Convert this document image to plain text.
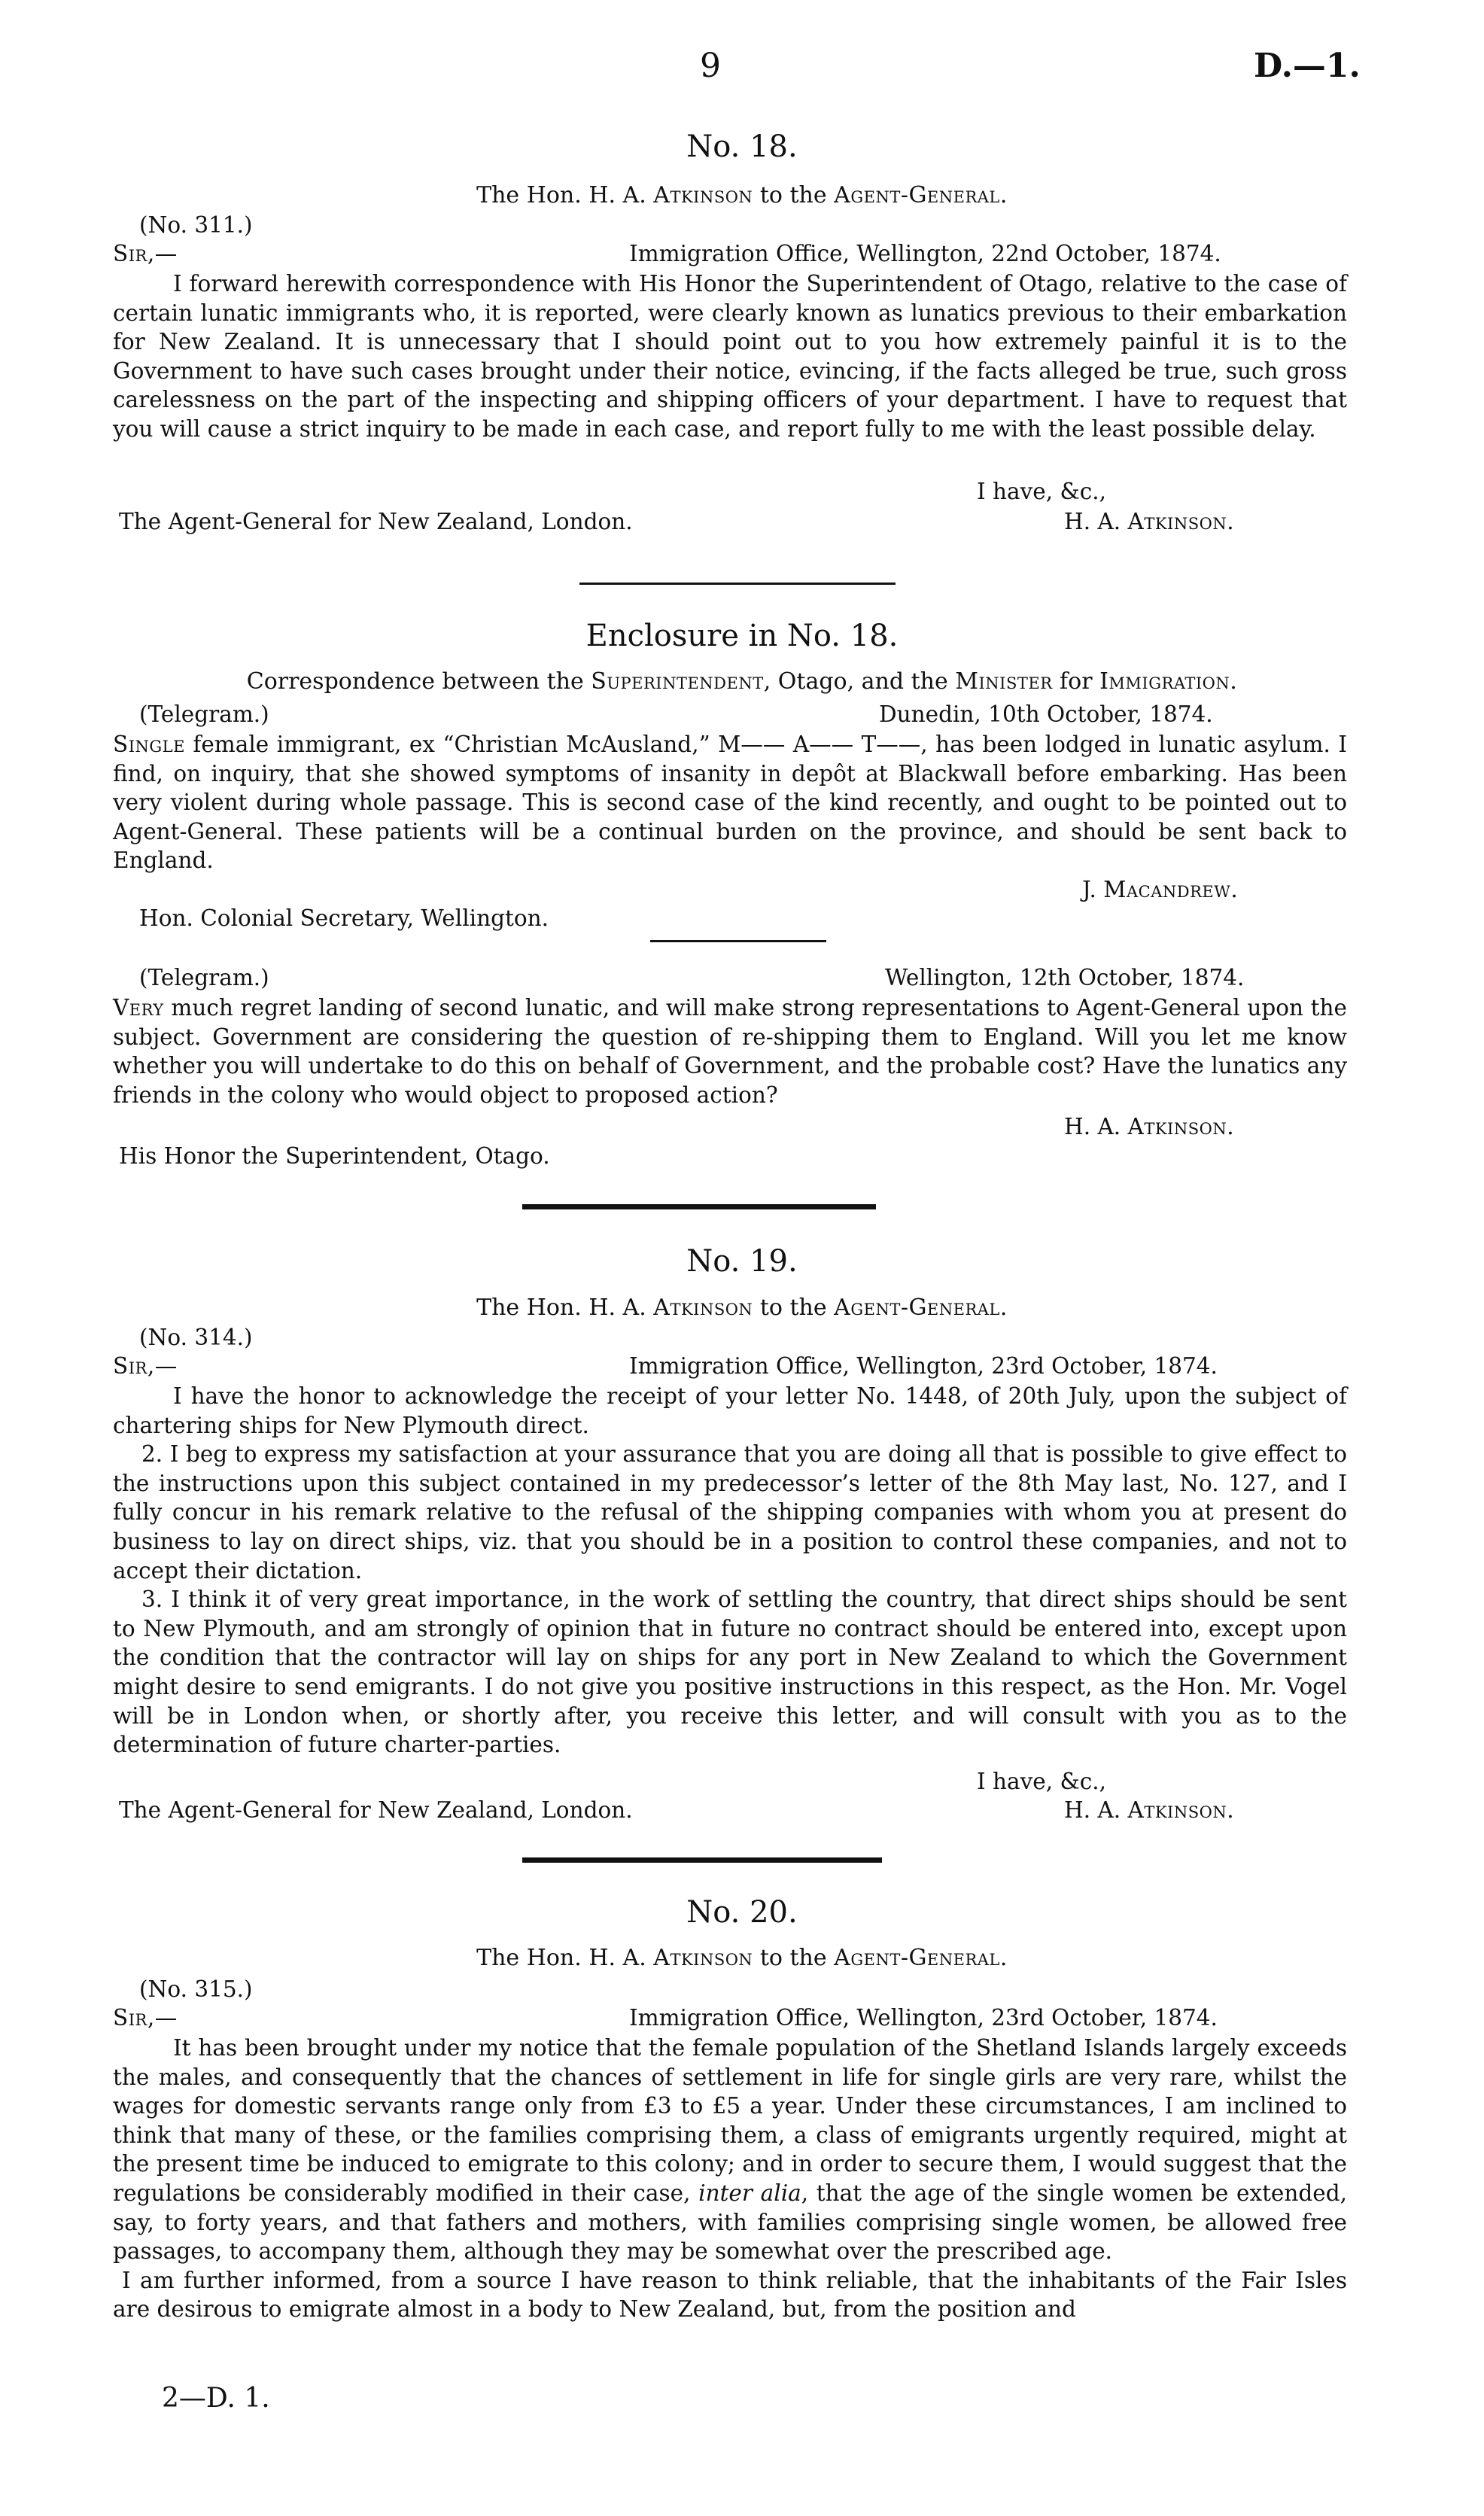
9	D.—1.
No. 18.
The Hon. H. A. Atkinson to the Agent-General.
(No. 311.)
Sir,—	Immigration Office, Wellington, 22nd October, 1874.

I forward herewith correspondence with His Honor the Superintendent of Otago, relative to the case of certain lunatic immigrants who, it is reported, were clearly known as lunatics previous to their embarkation for New Zealand. It is unnecessary that I should point out to you how extremely painful it is to the Government to have such cases brought under their notice, evincing, if the facts alleged be true, such gross carelessness on the part of the inspecting and shipping officers of your department. I have to request that you will cause a strict inquiry to be made in each case, and report fully to me with the least possible delay.

I have, &c.,
The Agent-General for New Zealand, London.	H. A. Atkinson.
Enclosure in No. 18.
Correspondence between the Superintendent, Otago, and the Minister for Immigration.
(Telegram.)	Dunedin, 10th October, 1874.

Single female immigrant, ex “Christian McAusland,” M—— A—— T——, has been lodged in lunatic asylum. I find, on inquiry, that she showed symptoms of insanity in depôt at Blackwall before embarking. Has been very violent during whole passage. This is second case of the kind recently, and ought to be pointed out to Agent-General. These patients will be a continual burden on the province, and should be sent back to England.

J. Macandrew.
Hon. Colonial Secretary, Wellington.
(Telegram.)	Wellington, 12th October, 1874.

Very much regret landing of second lunatic, and will make strong representations to Agent-General upon the subject. Government are considering the question of re-shipping them to England. Will you let me know whether you will undertake to do this on behalf of Government, and the probable cost? Have the lunatics any friends in the colony who would object to proposed action?

H. A. Atkinson.
His Honor the Superintendent, Otago.
No. 19.
The Hon. H. A. Atkinson to the Agent-General.
(No. 314.)
Sir,—	Immigration Office, Wellington, 23rd October, 1874.

I have the honor to acknowledge the receipt of your letter No. 1448, of 20th July, upon the subject of chartering ships for New Plymouth direct.

2. I beg to express my satisfaction at your assurance that you are doing all that is possible to give effect to the instructions upon this subject contained in my predecessor’s letter of the 8th May last, No. 127, and I fully concur in his remark relative to the refusal of the shipping companies with whom you at present do business to lay on direct ships, viz. that you should be in a position to control these companies, and not to accept their dictation.

3. I think it of very great importance, in the work of settling the country, that direct ships should be sent to New Plymouth, and am strongly of opinion that in future no contract should be entered into, except upon the condition that the contractor will lay on ships for any port in New Zealand to which the Government might desire to send emigrants. I do not give you positive instructions in this respect, as the Hon. Mr. Vogel will be in London when, or shortly after, you receive this letter, and will consult with you as to the determination of future charter-parties.

I have, &c.,
The Agent-General for New Zealand, London.	H. A. Atkinson.
No. 20.
The Hon. H. A. Atkinson to the Agent-General.
(No. 315.)
Sir,—	Immigration Office, Wellington, 23rd October, 1874.

It has been brought under my notice that the female population of the Shetland Islands largely exceeds the males, and consequently that the chances of settlement in life for single girls are very rare, whilst the wages for domestic servants range only from £3 to £5 a year. Under these circumstances, I am inclined to think that many of these, or the families comprising them, a class of emigrants urgently required, might at the present time be induced to emigrate to this colony; and in order to secure them, I would suggest that the regulations be considerably modified in their case, inter alia, that the age of the single women be extended, say, to forty years, and that fathers and mothers, with families comprising single women, be allowed free passages, to accompany them, although they may be somewhat over the prescribed age.

I am further informed, from a source I have reason to think reliable, that the inhabitants of the Fair Isles are desirous to emigrate almost in a body to New Zealand, but, from the position and

2—D. 1.
